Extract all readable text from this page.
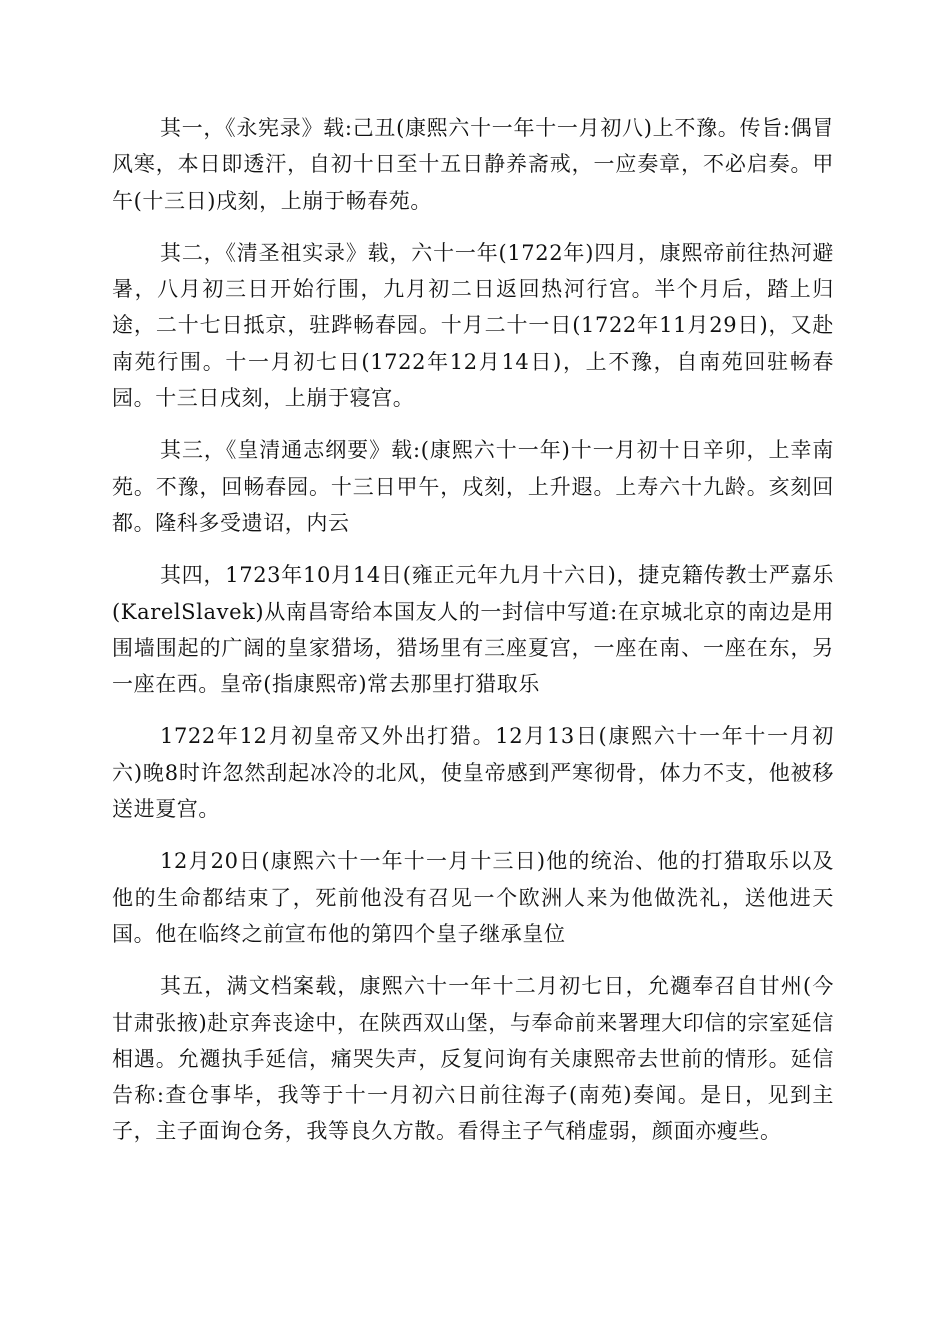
其一，《永宪录》载:己丑(康熙六十一年十一月初八)上不豫。传旨:偶冒风寒，本日即透汗，自初十日至十五日静养斋戒，一应奏章，不必启奏。甲午(十三日)戌刻，上崩于畅春苑。

其二，《清圣祖实录》载，六十一年(1722年)四月，康熙帝前往热河避暑，八月初三日开始行围，九月初二日返回热河行宫。半个月后，踏上归途，二十七日抵京，驻跸畅春园。十月二十一日(1722年11月29日)，又赴南苑行围。十一月初七日(1722年12月14日)，上不豫，自南苑回驻畅春园。十三日戌刻，上崩于寝宫。

其三，《皇清通志纲要》载:(康熙六十一年)十一月初十日辛卯，上幸南苑。不豫，回畅春园。十三日甲午，戌刻，上升遐。上寿六十九龄。亥刻回都。隆科多受遗诏，内云

其四，1723年10月14日(雍正元年九月十六日)，捷克籍传教士严嘉乐(KarelSlavek)从南昌寄给本国友人的一封信中写道:在京城北京的南边是用围墙围起的广阔的皇家猎场，猎场里有三座夏宫，一座在南、一座在东，另一座在西。皇帝(指康熙帝)常去那里打猎取乐

1722年12月初皇帝又外出打猎。12月13日(康熙六十一年十一月初六)晚8时许忽然刮起冰冷的北风，使皇帝感到严寒彻骨，体力不支，他被移送进夏宫。

12月20日(康熙六十一年十一月十三日)他的统治、他的打猎取乐以及他的生命都结束了，死前他没有召见一个欧洲人来为他做洗礼，送他进天国。他在临终之前宣布他的第四个皇子继承皇位

其五，满文档案载，康熙六十一年十二月初七日，允禵奉召自甘州(今甘肃张掖)赴京奔丧途中，在陕西双山堡，与奉命前来署理大印信的宗室延信相遇。允禵执手延信，痛哭失声，反复问询有关康熙帝去世前的情形。延信告称:查仓事毕，我等于十一月初六日前往海子(南苑)奏闻。是日，见到主子，主子面询仓务，我等良久方散。看得主子气稍虚弱，颜面亦瘦些。
